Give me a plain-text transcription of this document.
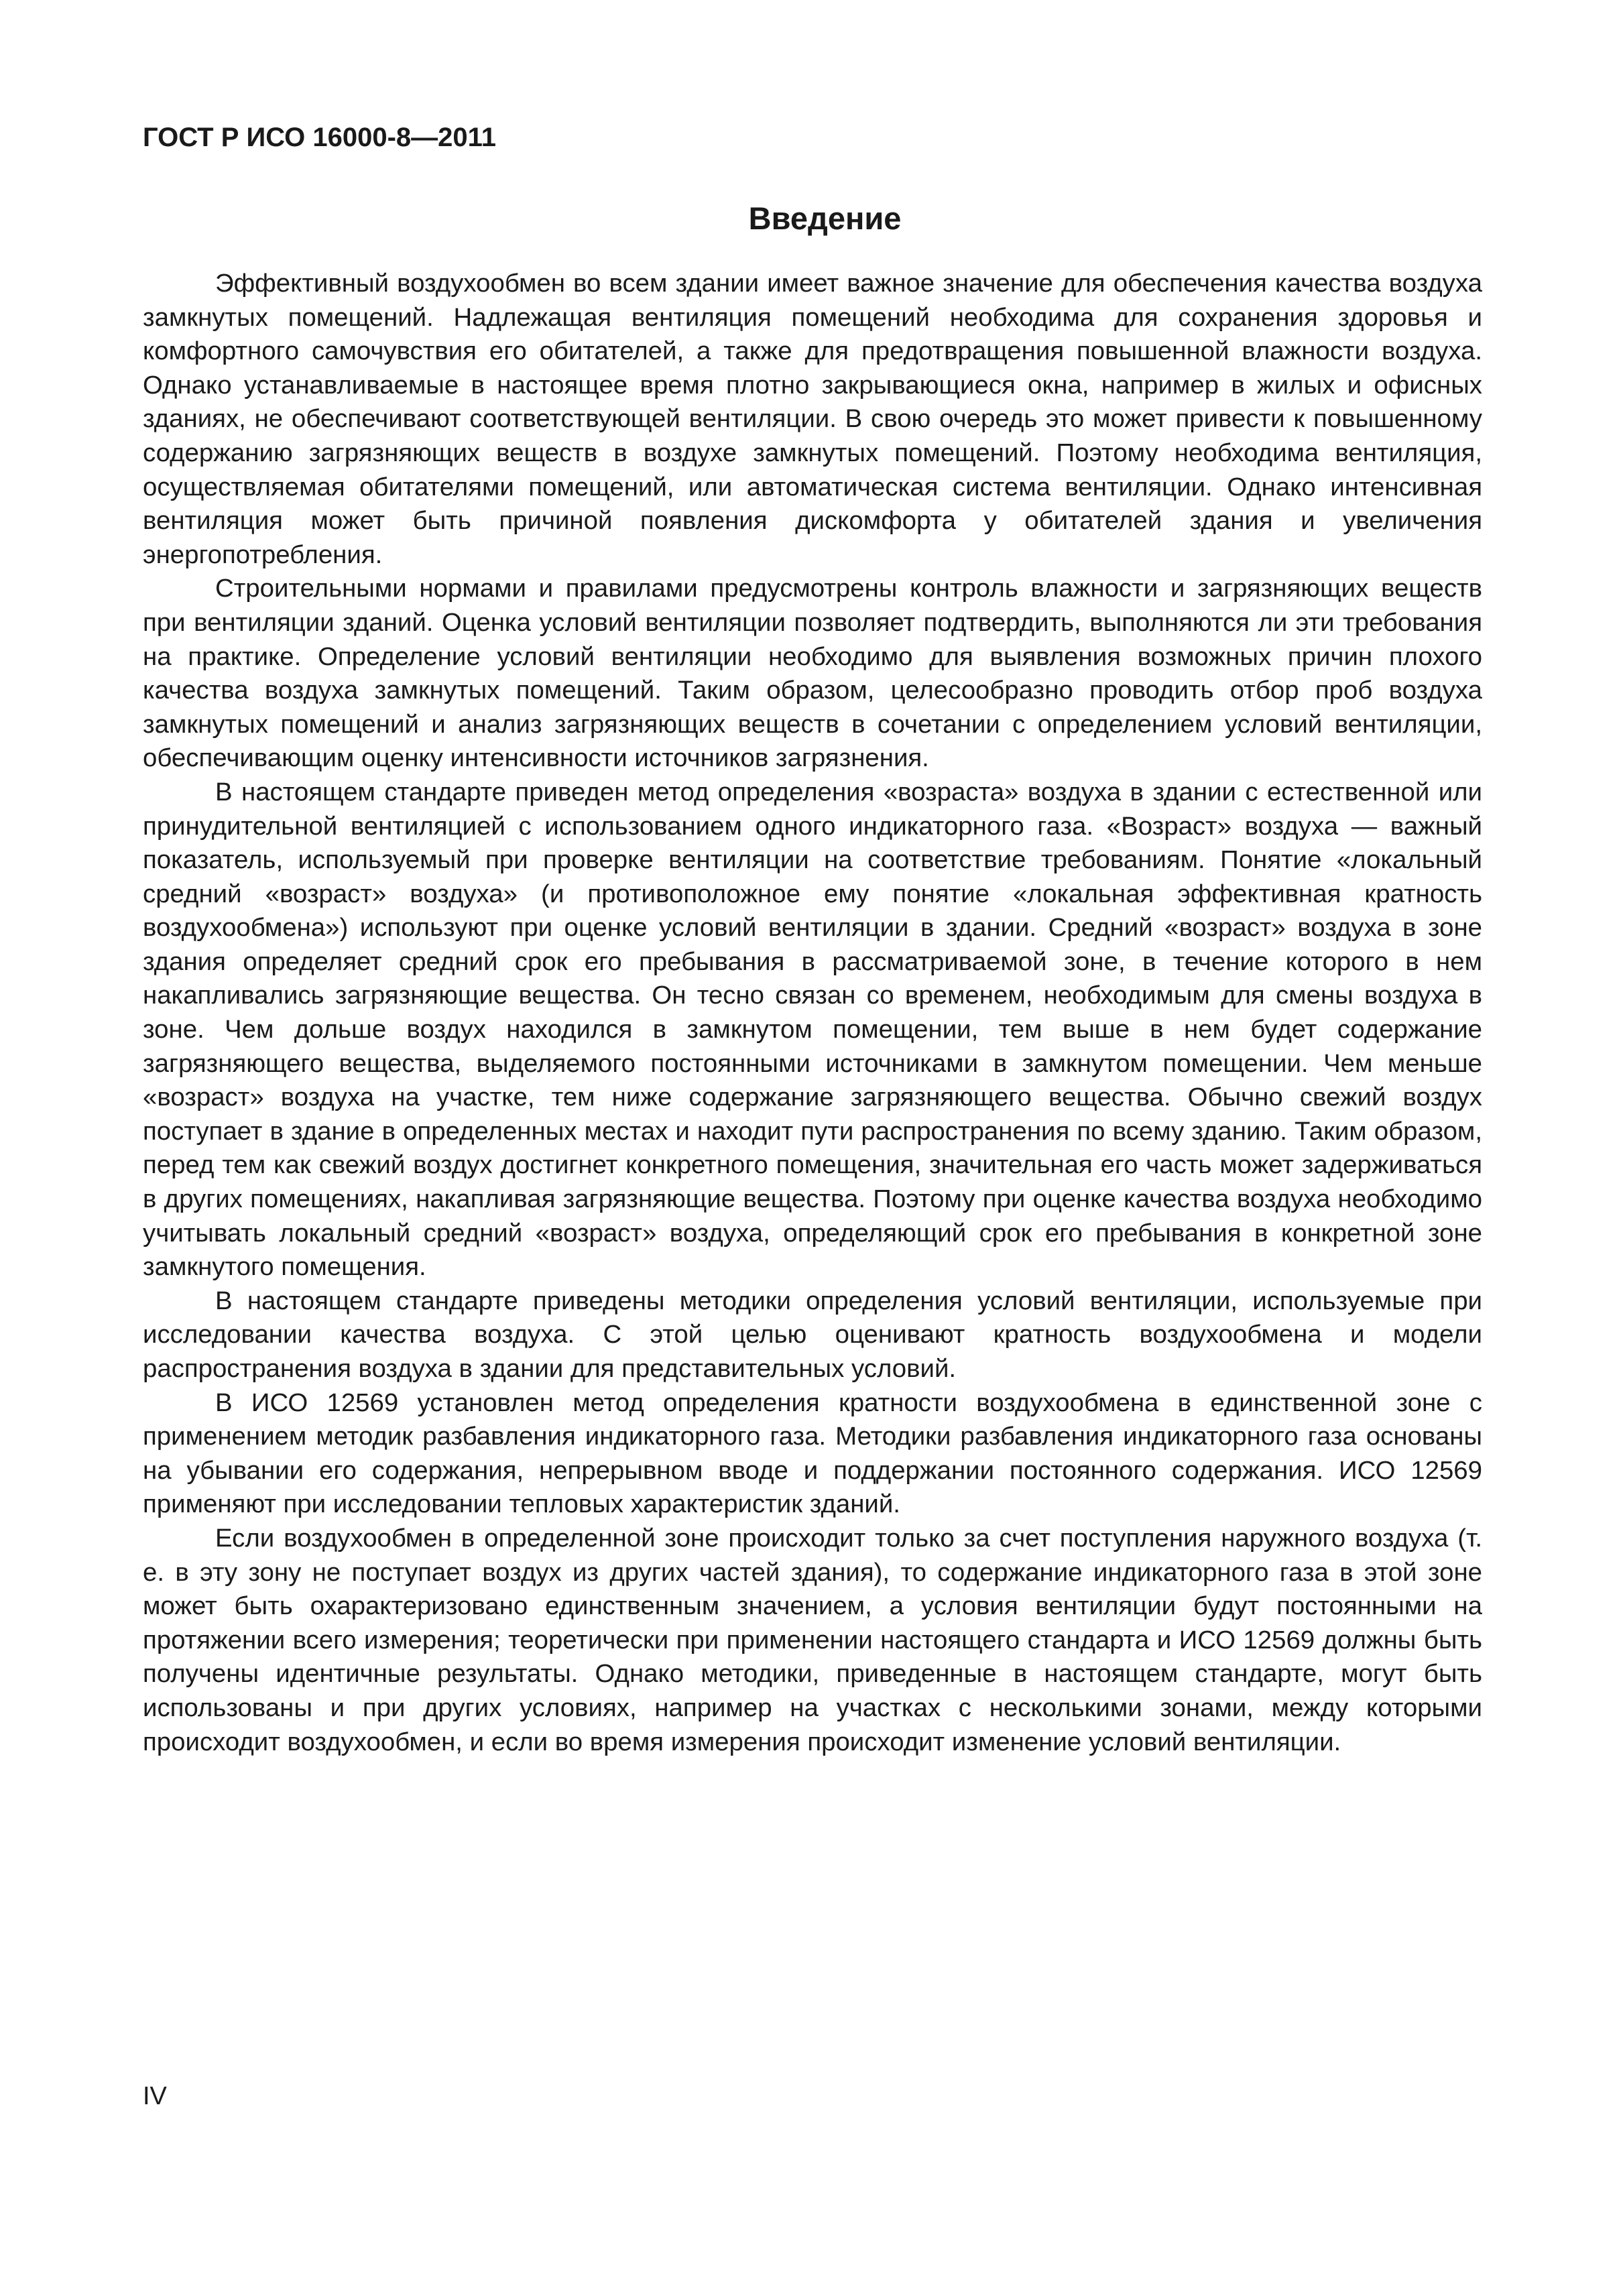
ГОСТ Р ИСО 16000-8—2011
Введение

Эффективный воздухообмен во всем здании имеет важное значение для обеспечения качества воздуха замкнутых помещений. Надлежащая вентиляция помещений необходима для сохранения здоровья и комфортного самочувствия его обитателей, а также для предотвращения повышенной влажности воздуха. Однако устанавливаемые в настоящее время плотно закрывающиеся окна, например в жилых и офисных зданиях, не обеспечивают соответствующей вентиляции. В свою очередь это может привести к повышенному содержанию загрязняющих веществ в воздухе замкнутых помещений. Поэтому необходима вентиляция, осуществляемая обитателями помещений, или автоматическая система вентиляции. Однако интенсивная вентиляция может быть причиной появления дискомфорта у обитателей здания и увеличения энергопотребления.

Строительными нормами и правилами предусмотрены контроль влажности и загрязняющих веществ при вентиляции зданий. Оценка условий вентиляции позволяет подтвердить, выполняются ли эти требования на практике. Определение условий вентиляции необходимо для выявления возможных причин плохого качества воздуха замкнутых помещений. Таким образом, целесообразно проводить отбор проб воздуха замкнутых помещений и анализ загрязняющих веществ в сочетании с определением условий вентиляции, обеспечивающим оценку интенсивности источников загрязнения.

В настоящем стандарте приведен метод определения «возраста» воздуха в здании с естественной или принудительной вентиляцией с использованием одного индикаторного газа. «Возраст» воздуха — важный показатель, используемый при проверке вентиляции на соответствие требованиям. Понятие «локальный средний «возраст» воздуха» (и противоположное ему понятие «локальная эффективная кратность воздухообмена») используют при оценке условий вентиляции в здании. Средний «возраст» воздуха в зоне здания определяет средний срок его пребывания в рассматриваемой зоне, в течение которого в нем накапливались загрязняющие вещества. Он тесно связан со временем, необходимым для смены воздуха в зоне. Чем дольше воздух находился в замкнутом помещении, тем выше в нем будет содержание загрязняющего вещества, выделяемого постоянными источниками в замкнутом помещении. Чем меньше «возраст» воздуха на участке, тем ниже содержание загрязняющего вещества. Обычно свежий воздух поступает в здание в определенных местах и находит пути распространения по всему зданию. Таким образом, перед тем как свежий воздух достигнет конкретного помещения, значительная его часть может задерживаться в других помещениях, накапливая загрязняющие вещества. Поэтому при оценке качества воздуха необходимо учитывать локальный средний «возраст» воздуха, определяющий срок его пребывания в конкретной зоне замкнутого помещения.

В настоящем стандарте приведены методики определения условий вентиляции, используемые при исследовании качества воздуха. С этой целью оценивают кратность воздухообмена и модели распространения воздуха в здании для представительных условий.

В ИСО 12569 установлен метод определения кратности воздухообмена в единственной зоне с применением методик разбавления индикаторного газа. Методики разбавления индикаторного газа основаны на убывании его содержания, непрерывном вводе и поддержании постоянного содержания. ИСО 12569 применяют при исследовании тепловых характеристик зданий.

Если воздухообмен в определенной зоне происходит только за счет поступления наружного воздуха (т. е. в эту зону не поступает воздух из других частей здания), то содержание индикаторного газа в этой зоне может быть охарактеризовано единственным значением, а условия вентиляции будут постоянными на протяжении всего измерения; теоретически при применении настоящего стандарта и ИСО 12569 должны быть получены идентичные результаты. Однако методики, приведенные в настоящем стандарте, могут быть использованы и при других условиях, например на участках с несколькими зонами, между которыми происходит воздухообмен, и если во время измерения происходит изменение условий вентиляции.

IV
